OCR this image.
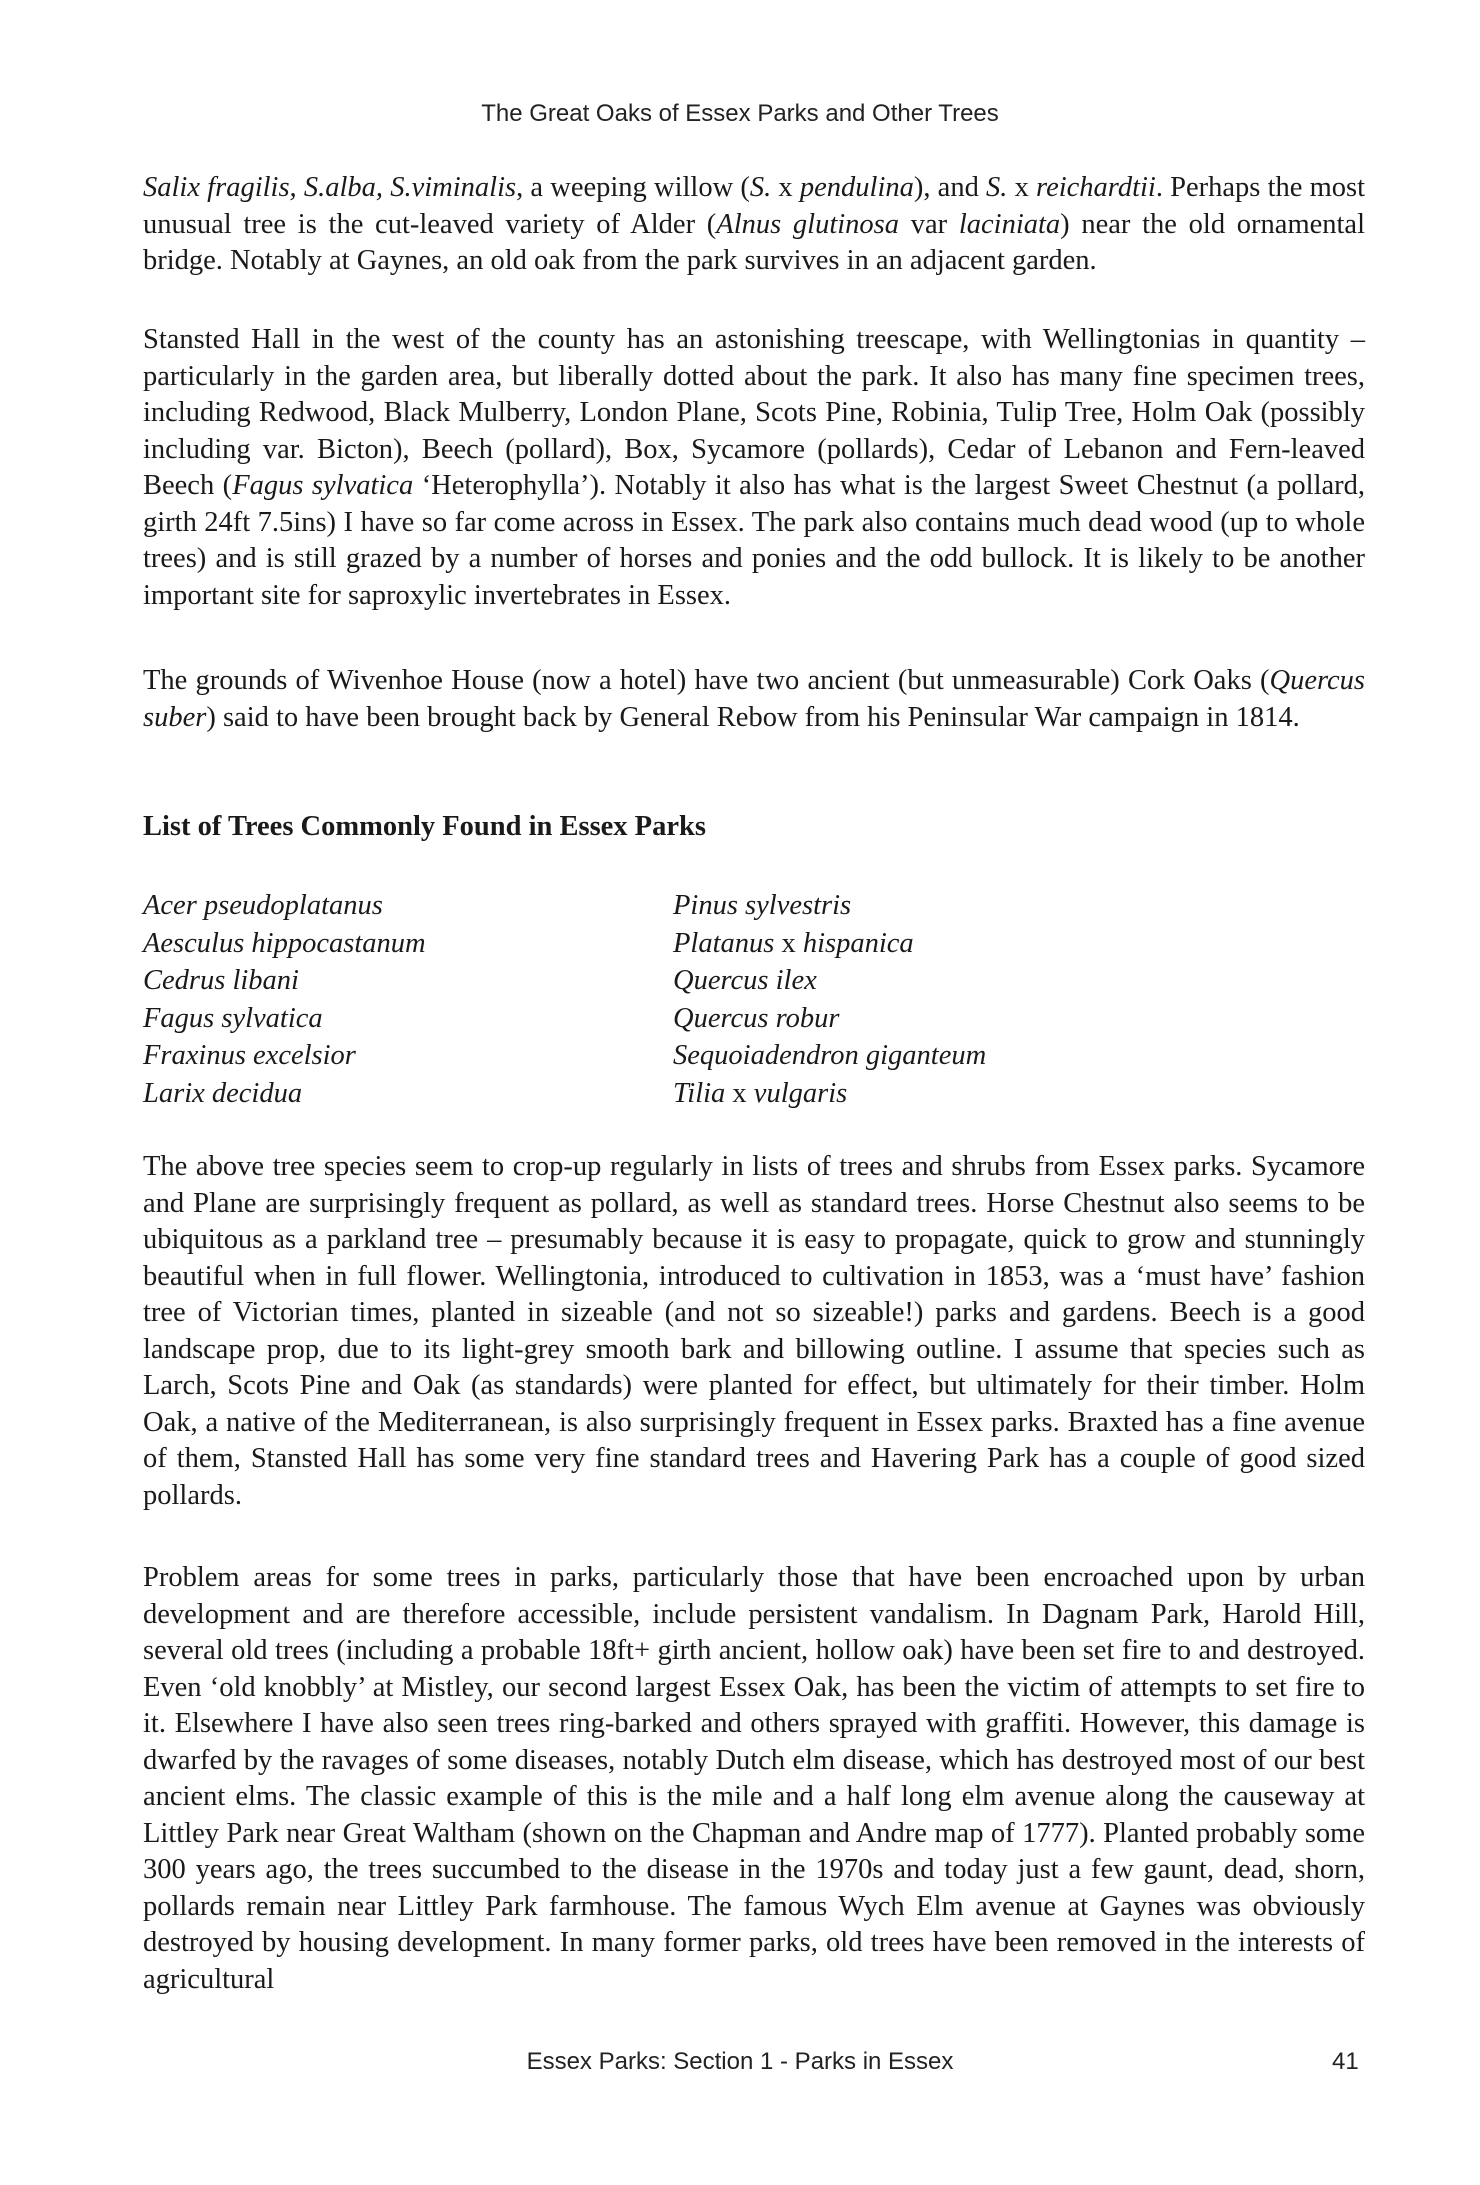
The Great Oaks of Essex Parks and Other Trees

Salix fragilis, S.alba, S.viminalis, a weeping willow (S. x pendulina), and S. x reichardtii. Perhaps the most unusual tree is the cut-leaved variety of Alder (Alnus glutinosa var laciniata) near the old ornamental bridge. Notably at Gaynes, an old oak from the park survives in an adjacent garden.

Stansted Hall in the west of the county has an astonishing treescape, with Wellingtonias in quantity – particularly in the garden area, but liberally dotted about the park. It also has many fine specimen trees, including Redwood, Black Mulberry, London Plane, Scots Pine, Robinia, Tulip Tree, Holm Oak (possibly including var. Bicton), Beech (pollard), Box, Sycamore (pollards), Cedar of Lebanon and Fern-leaved Beech (Fagus sylvatica ‘Heterophylla’). Notably it also has what is the largest Sweet Chestnut (a pollard, girth 24ft 7.5ins) I have so far come across in Essex. The park also contains much dead wood (up to whole trees) and is still grazed by a number of horses and ponies and the odd bullock. It is likely to be another important site for saproxylic invertebrates in Essex.

The grounds of Wivenhoe House (now a hotel) have two ancient (but unmeasurable) Cork Oaks (Quercus suber) said to have been brought back by General Rebow from his Peninsular War campaign in 1814.

List of Trees Commonly Found in Essex Parks
Acer pseudoplatanus
Aesculus hippocastanum
Cedrus libani
Fagus sylvatica
Fraxinus excelsior
Larix decidua
Pinus sylvestris
Platanus x hispanica
Quercus ilex
Quercus robur
Sequoiadendron giganteum
Tilia x vulgaris

The above tree species seem to crop-up regularly in lists of trees and shrubs from Essex parks. Sycamore and Plane are surprisingly frequent as pollard, as well as standard trees. Horse Chestnut also seems to be ubiquitous as a parkland tree – presumably because it is easy to propagate, quick to grow and stunningly beautiful when in full flower. Wellingtonia, introduced to cultivation in 1853, was a ‘must have’ fashion tree of Victorian times, planted in sizeable (and not so sizeable!) parks and gardens. Beech is a good landscape prop, due to its light-grey smooth bark and billowing outline. I assume that species such as Larch, Scots Pine and Oak (as standards) were planted for effect, but ultimately for their timber. Holm Oak, a native of the Mediterranean, is also surprisingly frequent in Essex parks. Braxted has a fine avenue of them, Stansted Hall has some very fine standard trees and Havering Park has a couple of good sized pollards.

Problem areas for some trees in parks, particularly those that have been encroached upon by urban development and are therefore accessible, include persistent vandalism. In Dagnam Park, Harold Hill, several old trees (including a probable 18ft+ girth ancient, hollow oak) have been set fire to and destroyed. Even ‘old knobbly’ at Mistley, our second largest Essex Oak, has been the victim of attempts to set fire to it. Elsewhere I have also seen trees ring-barked and others sprayed with graffiti. However, this damage is dwarfed by the ravages of some diseases, notably Dutch elm disease, which has destroyed most of our best ancient elms. The classic example of this is the mile and a half long elm avenue along the causeway at Littley Park near Great Waltham (shown on the Chapman and Andre map of 1777). Planted probably some 300 years ago, the trees succumbed to the disease in the 1970s and today just a few gaunt, dead, shorn, pollards remain near Littley Park farmhouse. The famous Wych Elm avenue at Gaynes was obviously destroyed by housing development. In many former parks, old trees have been removed in the interests of agricultural

Essex Parks: Section 1 - Parks in Essex	41
